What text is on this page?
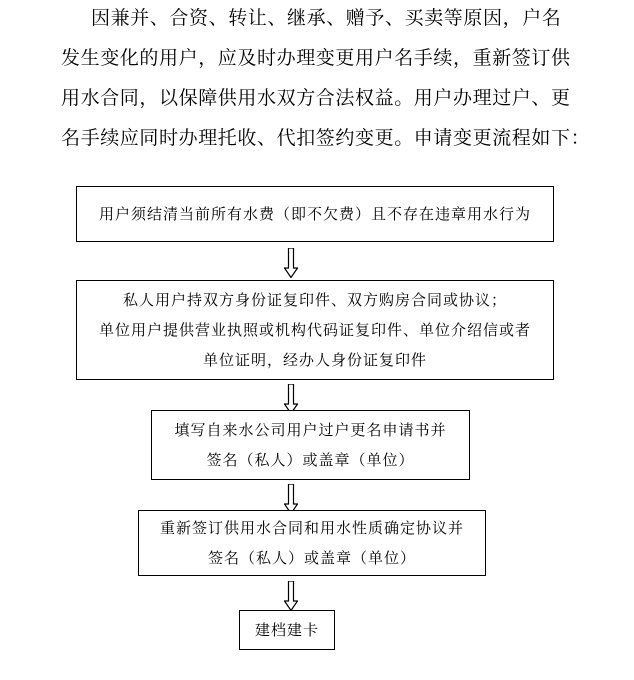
因兼并、合资、转让、继承、赠予、买卖等原因，户名
发生变化的用户，应及时办理变更用户名手续，重新签订供
用水合同，以保障供用水双方合法权益。用户办理过户、更
名手续应同时办理托收、代扣签约变更。申请变更流程如下：
用户须结清当前所有水费（即不欠费）且不存在违章用水行为
私人用户持双方身份证复印件、双方购房合同或协议；
单位用户提供营业执照或机构代码证复印件、单位介绍信或者
单位证明，经办人身份证复印件
填写自来水公司用户过户更名申请书并
签名（私人）或盖章（单位）
重新签订供用水合同和用水性质确定协议并
签名（私人）或盖章（单位）
建档建卡
